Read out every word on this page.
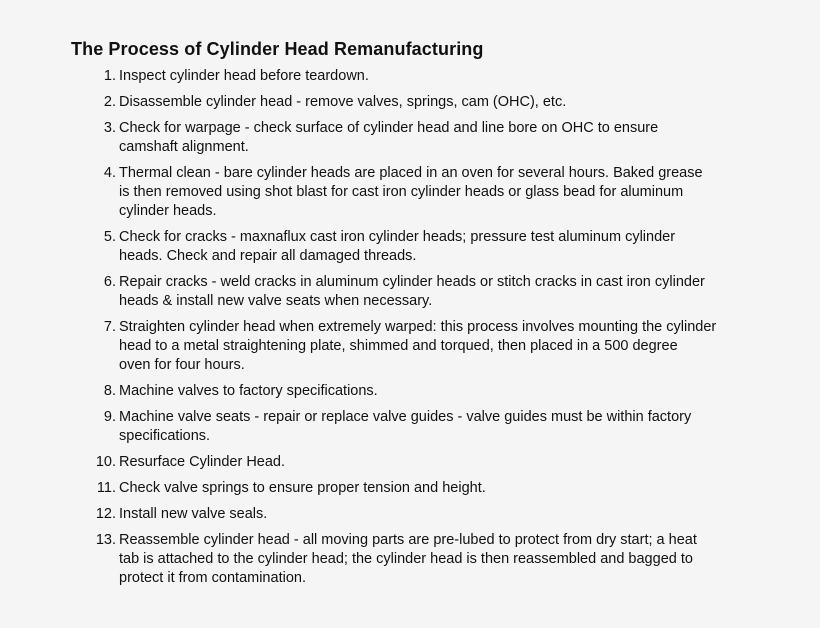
The Process of Cylinder Head Remanufacturing
1. Inspect cylinder head before teardown.
2. Disassemble cylinder head - remove valves, springs, cam (OHC), etc.
3. Check for warpage - check surface of cylinder head and line bore on OHC to ensure
camshaft alignment.
4. Thermal clean - bare cylinder heads are placed in an oven for several hours. Baked grease
is then removed using shot blast for cast iron cylinder heads or glass bead for aluminum
cylinder heads.
5. Check for cracks - maxnaflux cast iron cylinder heads; pressure test aluminum cylinder
heads. Check and repair all damaged threads.
6. Repair cracks - weld cracks in aluminum cylinder heads or stitch cracks in cast iron cylinder
heads & install new valve seats when necessary.
7. Straighten cylinder head when extremely warped: this process involves mounting the cylinder
head to a metal straightening plate, shimmed and torqued, then placed in a 500 degree
oven for four hours.
8. Machine valves to factory specifications.
9. Machine valve seats - repair or replace valve guides - valve guides must be within factory
specifications.
10. Resurface Cylinder Head.
11. Check valve springs to ensure proper tension and height.
12. Install new valve seals.
13. Reassemble cylinder head - all moving parts are pre-lubed to protect from dry start; a heat
tab is attached to the cylinder head; the cylinder head is then reassembled and bagged to
protect it from contamination.
